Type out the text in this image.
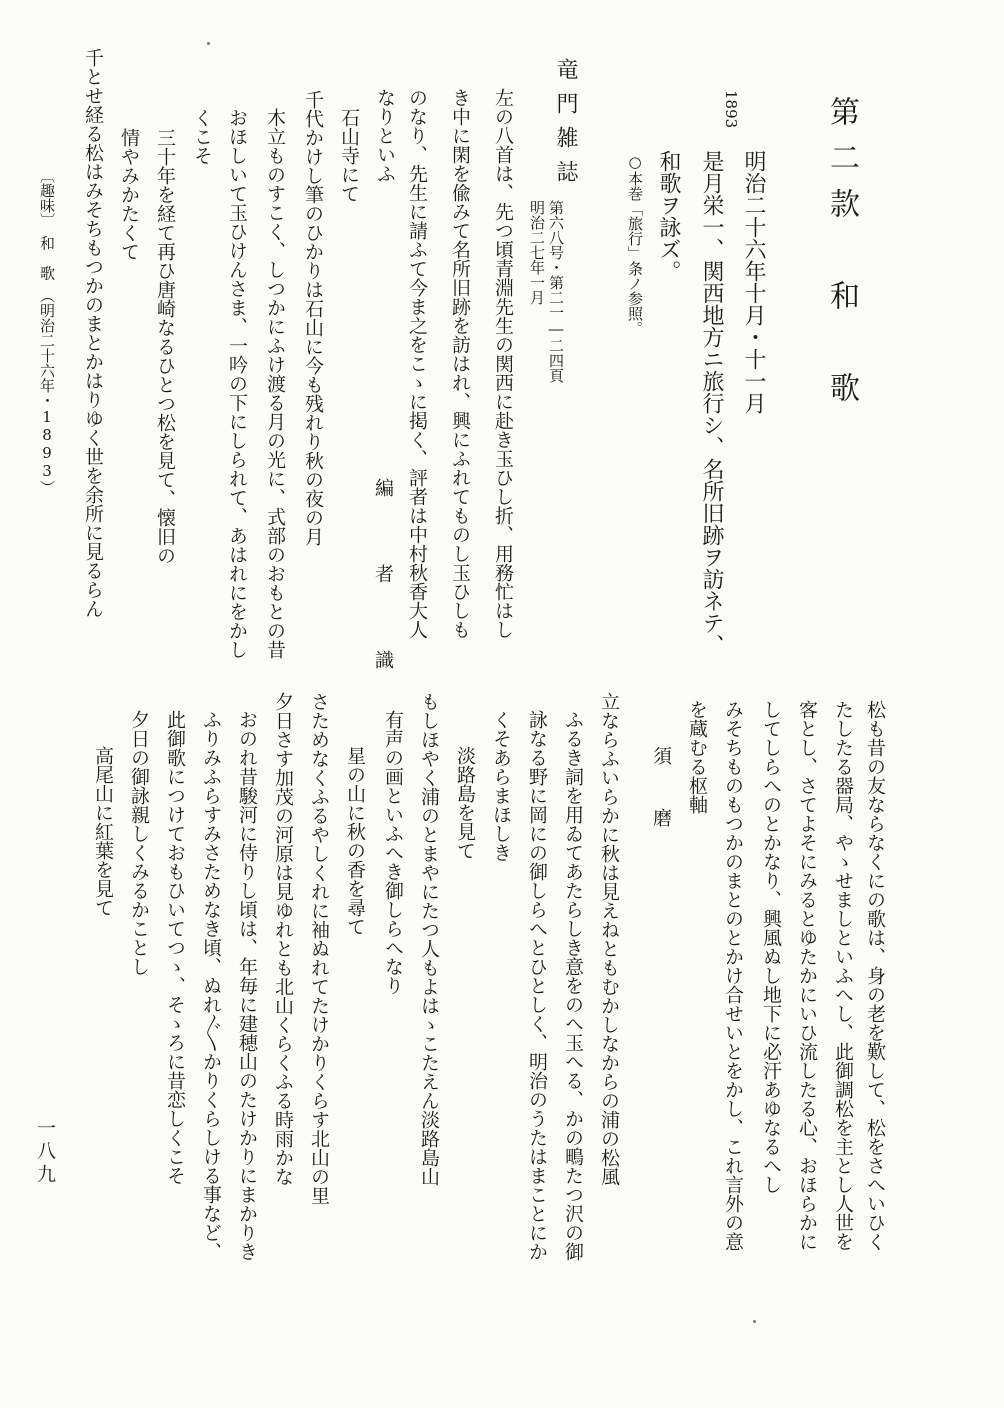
第二款　和　歌
1893
明治二十六年十月・十一月
是月栄一、関西地方ニ旅行シ、名所旧跡ヲ訪ネテ、
和歌ヲ詠ズ。
○本巻「旅行」条ノ参照。
竜門雑誌
第六八号・第二一―二四頁
明治二七年一月
左の八首は、先つ頃青淵先生の関西に赴き玉ひし折、用務忙はし
き中に閑を偸みて名所旧跡を訪はれ、興にふれてものし玉ひしも
のなり、先生に請ふて今ま之をこゝに掲く、評者は中村秋香大人
なりといふ
編　者　識
石山寺にて
千代かけし筆のひかりは石山に今も残れり秋の夜の月
木立ものすこく、しつかにふけ渡る月の光に、式部のおもとの昔
おほしいて玉ひけんさま、一吟の下にしられて、あはれにをかし
くこそ
三十年を経て再ひ唐崎なるひとつ松を見て、懐旧の
情やみかたくて
千とせ経る松はみそちもつかのまとかはりゆく世を余所に見るらん
松も昔の友ならなくにの歌は、身の老を歎して、松をさへいひく
たしたる器局、やゝせましといふへし、此御調松を主とし人世を
客とし、さてよそにみるとゆたかにいひ流したる心、おほらかに
してしらへのとかなり、興風ぬし地下に必汗あゆなるへし
みそちものもつかのまとのとかけ合せいとをかし、これ言外の意
を蔵むる枢軸
須　磨
立ならふいらかに秋は見えねともむかしなからの浦の松風
ふるき詞を用ゐてあたらしき意をのへ玉へる、かの鴫たつ沢の御
詠なる野に岡にの御しらへとひとしく、明治のうたはまことにか
くそあらまほしき
淡路島を見て
もしほやく浦のとまやにたつ人もよはゝこたえん淡路島山
有声の画といふへき御しらへなり
星の山に秋の香を尋て
さためなくふるやしくれに袖ぬれてたけかりくらす北山の里
夕日さす加茂の河原は見ゆれとも北山くらくふる時雨かな
おのれ昔駿河に侍りし頃は、年毎に建穂山のたけかりにまかりき
ふりみふらすみさためなき頃、ぬれ〴〵かりくらしける事など、
此御歌につけておもひいてつゝ、そゝろに昔恋しくこそ
夕日の御詠親しくみるかことし
高尾山に紅葉を見て
〔趣味〕　和　歌　（明治二十六年・1893）
一八九
